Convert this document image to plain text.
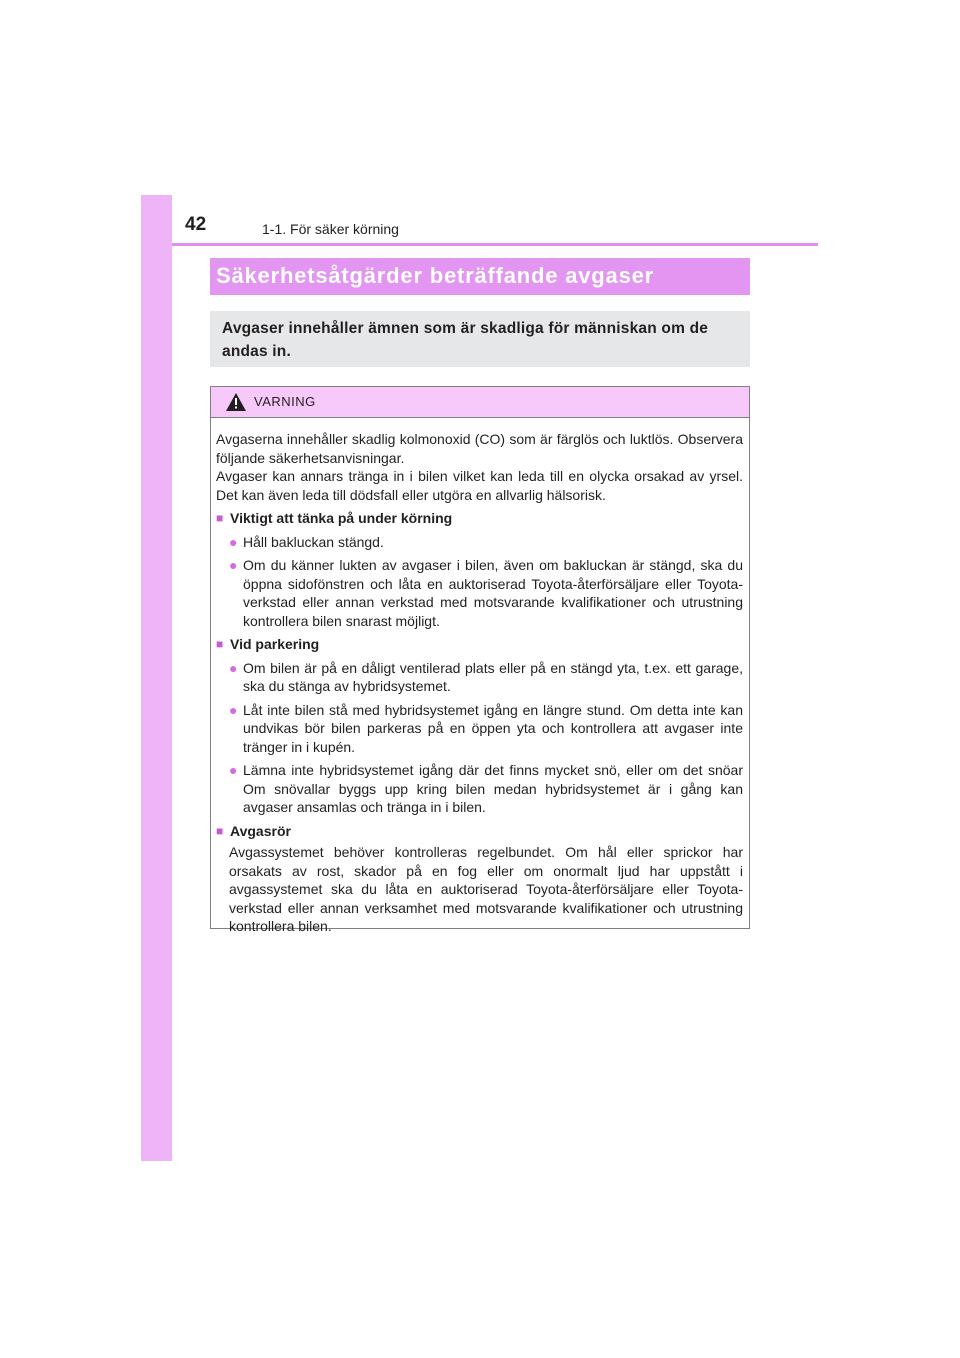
42	1-1. För säker körning
Säkerhetsåtgärder beträffande avgaser
Avgaser innehåller ämnen som är skadliga för människan om de andas in.
VARNING

Avgaserna innehåller skadlig kolmonoxid (CO) som är färglös och luktlös. Observera följande säkerhetsanvisningar.

Avgaser kan annars tränga in i bilen vilket kan leda till en olycka orsakad av yrsel. Det kan även leda till dödsfall eller utgöra en allvarlig hälsorisk.

■ Viktigt att tänka på under körning
● Håll bakluckan stängd.
● Om du känner lukten av avgaser i bilen, även om bakluckan är stängd, ska du öppna sidofönstren och låta en auktoriserad Toyota-återförsäljare eller Toyota-verkstad eller annan verkstad med motsvarande kvalifikationer och utrustning kontrollera bilen snarast möjligt.
■ Vid parkering
● Om bilen är på en dåligt ventilerad plats eller på en stängd yta, t.ex. ett garage, ska du stänga av hybridsystemet.
● Låt inte bilen stå med hybridsystemet igång en längre stund. Om detta inte kan undvikas bör bilen parkeras på en öppen yta och kontrollera att avgaser inte tränger in i kupén.
● Lämna inte hybridsystemet igång där det finns mycket snö, eller om det snöar Om snövallar byggs upp kring bilen medan hybridsystemet är i gång kan avgaser ansamlas och tränga in i bilen.
■ Avgasrör

Avgassystemet behöver kontrolleras regelbundet. Om hål eller sprickor har orsakats av rost, skador på en fog eller om onormalt ljud har uppstått i avgassystemet ska du låta en auktoriserad Toyota-återförsäljare eller Toyota-verkstad eller annan verksamhet med motsvarande kvalifikationer och utrustning kontrollera bilen.
